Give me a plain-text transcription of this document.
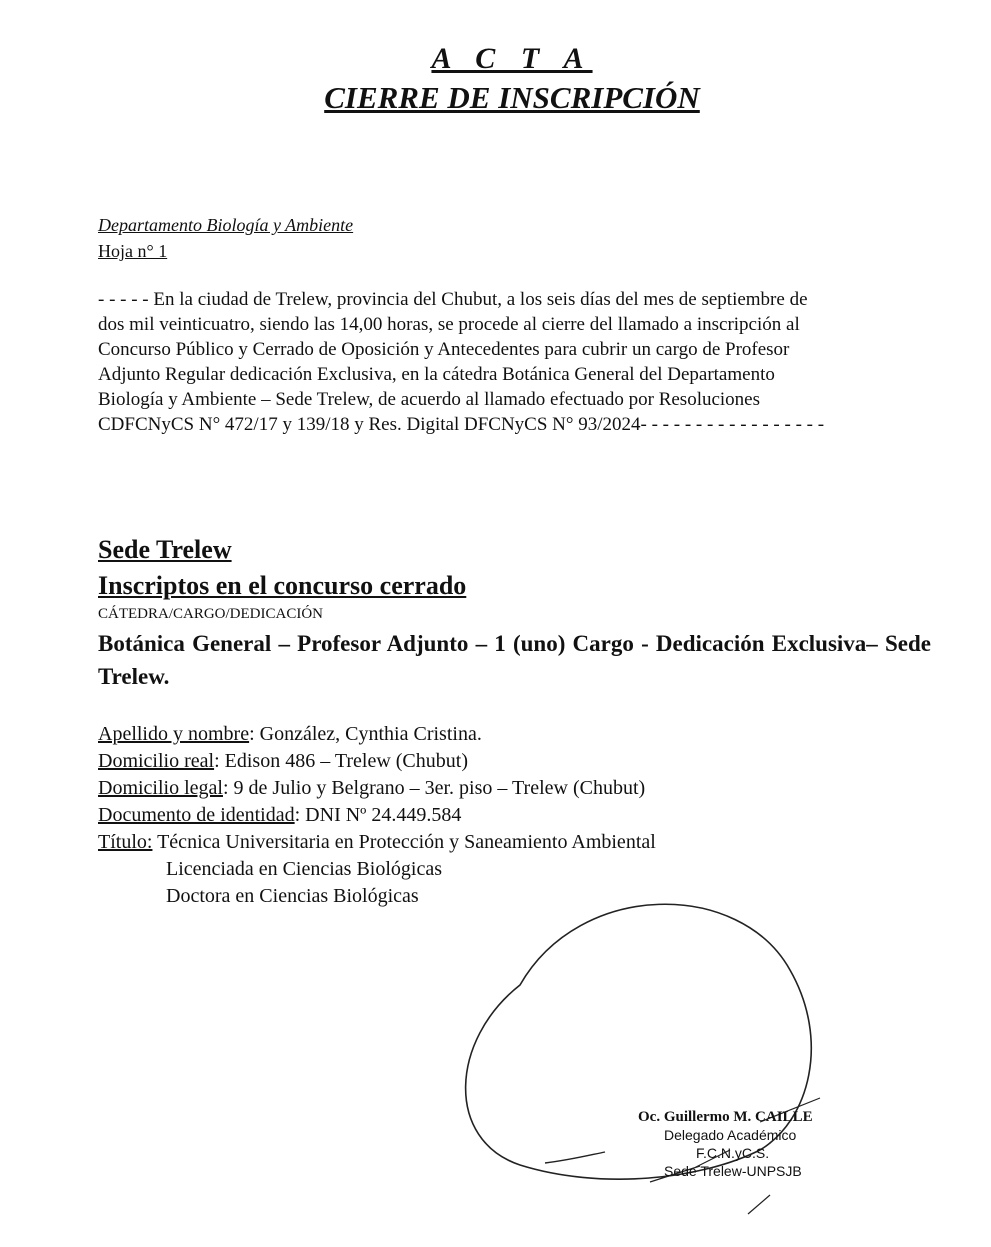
A C T A
CIERRE DE INSCRIPCIÓN
Departamento Biología y Ambiente
Hoja n° 1
- - - - - En la ciudad de Trelew, provincia del Chubut, a los seis días del mes de septiembre de
dos mil veinticuatro, siendo las 14,00 horas, se procede al cierre del llamado a inscripción al
Concurso Público y Cerrado de Oposición y Antecedentes para cubrir un cargo de Profesor
Adjunto Regular dedicación Exclusiva, en la cátedra Botánica General del Departamento
Biología y Ambiente – Sede Trelew, de acuerdo al llamado efectuado por Resoluciones
CDFCNyCS N° 472/17 y 139/18 y Res. Digital DFCNyCS N° 93/2024- - - - - - - - - - - - - - - - -
Sede Trelew
Inscriptos en el concurso cerrado
CÁTEDRA/CARGO/DEDICACIÓN
Botánica General – Profesor Adjunto – 1 (uno) Cargo - Dedicación Exclusiva– Sede Trelew.
Apellido y nombre: González, Cynthia Cristina.
Domicilio real: Edison 486 – Trelew (Chubut)
Domicilio legal: 9 de Julio y Belgrano – 3er. piso – Trelew (Chubut)
Documento de identidad: DNI Nº 24.449.584
Título: Técnica Universitaria en Protección y Saneamiento Ambiental
Licenciada en Ciencias Biológicas
Doctora en Ciencias Biológicas
Oc. Guillermo M. CAILLE
Delegado Académico
F.C.N.yC.S.
Sede Trelew-UNPSJB
